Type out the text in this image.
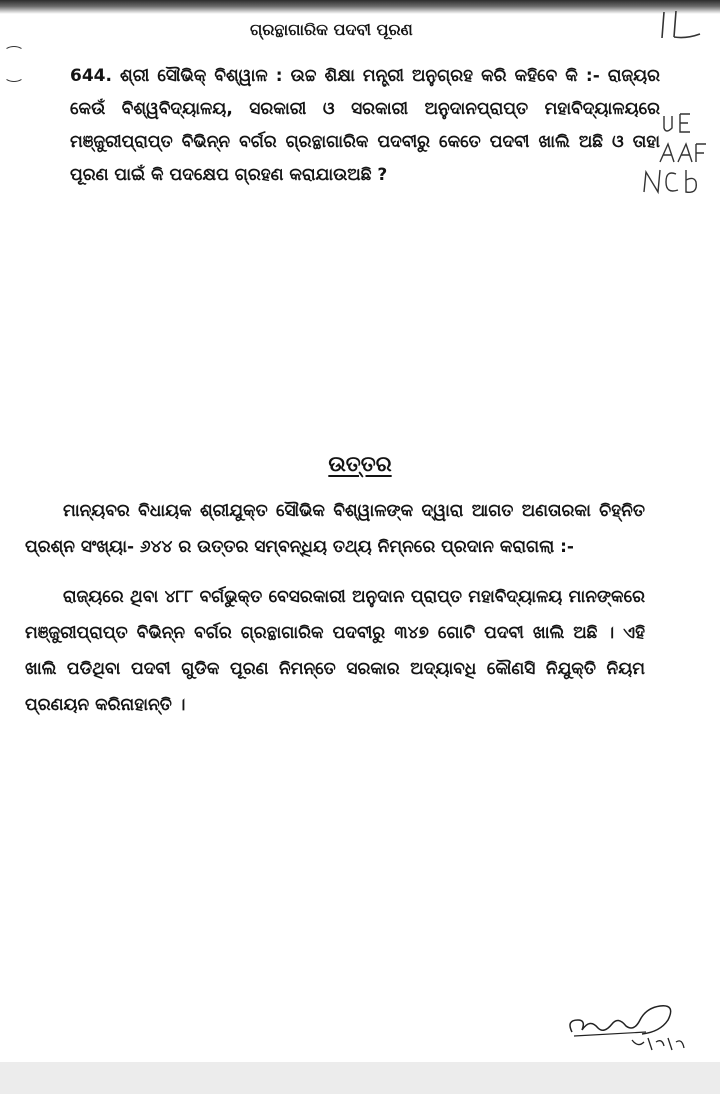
ଗ୍ରନ୍ଥାଗାରିକ ପଦବୀ ପୂରଣ

644. ଶ୍ରୀ ସୌଭିକ୍ ବିଶ୍ୱାଳ : ଉଚ୍ଚ ଶିକ୍ଷା ମନ୍ତ୍ରୀ ଅନୁଗ୍ରହ କରି କହିବେ କି :- ରାଜ୍ୟର କେଉଁ ବିଶ୍ୱବିଦ୍ୟାଳୟ, ସରକାରୀ ଓ ସରକାରୀ ଅନୁଦାନପ୍ରାପ୍ତ ମହାବିଦ୍ୟାଳୟରେ ମଞ୍ଜୁରୀପ୍ରାପ୍ତ ବିଭିନ୍ନ ବର୍ଗର ଗ୍ରନ୍ଥାଗାରିକ ପଦବୀରୁ କେତେ ପଦବୀ ଖାଲି ଅଛି ଓ ତାହା ପୂରଣ ପାଇଁ କି ପଦକ୍ଷେପ ଗ୍ରହଣ କରାଯାଉଅଛି ?

ଉତ୍ତର

ମାନ୍ୟବର ବିଧାୟକ ଶ୍ରୀଯୁକ୍ତ ସୌଭିକ ବିଶ୍ୱାଳଙ୍କ ଦ୍ୱାରା ଆଗତ ଅଣତାରକା ଚିହ୍ନିତ ପ୍ରଶ୍ନ ସଂଖ୍ୟା- ୬୪୪ ର ଉତ୍ତର ସମ୍ବନ୍ଧିୟ ତଥ୍ୟ ନିମ୍ନରେ ପ୍ରଦାନ କରାଗଲା :-

ରାଜ୍ୟରେ ଥିବା ୪୮୮ ବର୍ଗଭୁକ୍ତ ବେସରକାରୀ ଅନୁଦାନ ପ୍ରାପ୍ତ ମହାବିଦ୍ୟାଳୟ ମାନଙ୍କରେ ମଞ୍ଜୁରୀପ୍ରାପ୍ତ ବିଭିନ୍ନ ବର୍ଗର ଗ୍ରନ୍ଥାଗାରିକ ପଦବୀରୁ ୩୪୭ ଗୋଟି ପଦବୀ ଖାଲି ଅଛି । ଏହି ଖାଲି ପଡିଥିବା ପଦବୀ ଗୁଡିକ ପୂରଣ ନିମନ୍ତେ ସରକାର ଅଦ୍ୟାବଧି କୌଣସି ନିଯୁକ୍ତି ନିୟମ ପ୍ରଣୟନ କରିନାହାନ୍ତି ।
